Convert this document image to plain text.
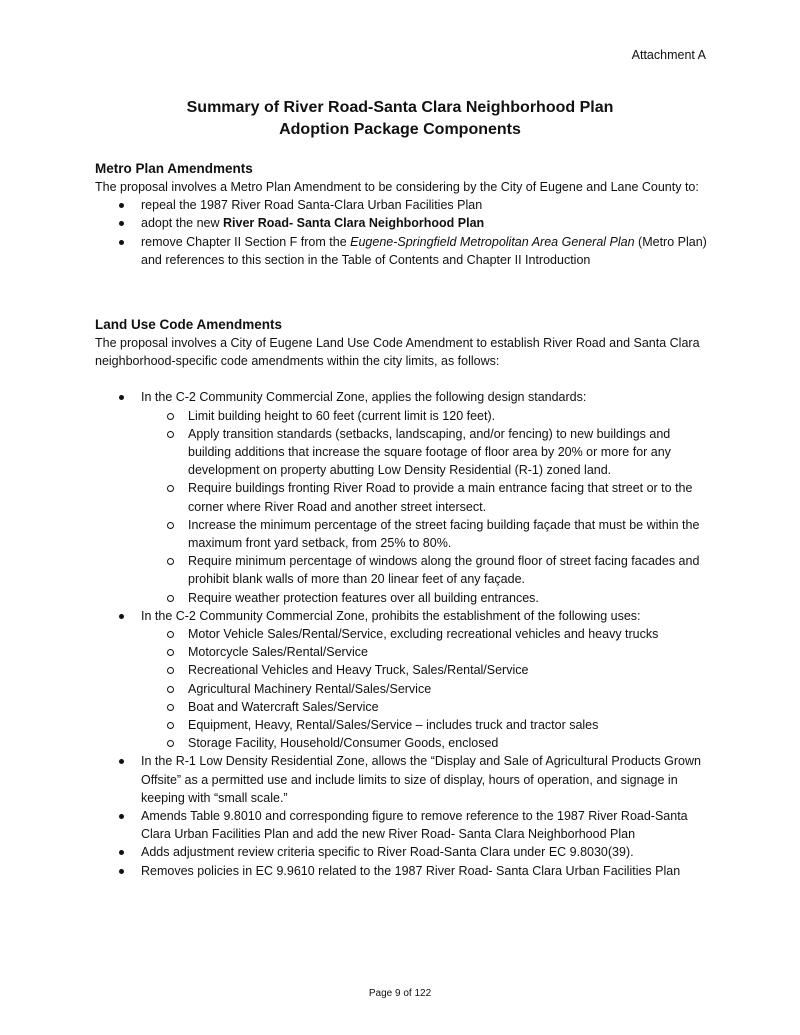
Attachment A
Summary of River Road-Santa Clara Neighborhood Plan
Adoption Package Components
Metro Plan Amendments

The proposal involves a Metro Plan Amendment to be considering by the City of Eugene and Lane County to:

repeal the 1987 River Road Santa-Clara Urban Facilities Plan
adopt the new River Road- Santa Clara Neighborhood Plan
remove Chapter II Section F from the Eugene-Springfield Metropolitan Area General Plan (Metro Plan) and references to this section in the Table of Contents and Chapter II Introduction
Land Use Code Amendments

The proposal involves a City of Eugene Land Use Code Amendment to establish River Road and Santa Clara neighborhood-specific code amendments within the city limits, as follows:

In the C-2 Community Commercial Zone, applies the following design standards:
Limit building height to 60 feet (current limit is 120 feet).
Apply transition standards (setbacks, landscaping, and/or fencing) to new buildings and building additions that increase the square footage of floor area by 20% or more for any development on property abutting Low Density Residential (R-1) zoned land.
Require buildings fronting River Road to provide a main entrance facing that street or to the corner where River Road and another street intersect.
Increase the minimum percentage of the street facing building façade that must be within the maximum front yard setback, from 25% to 80%.
Require minimum percentage of windows along the ground floor of street facing facades and prohibit blank walls of more than 20 linear feet of any façade.
Require weather protection features over all building entrances.
In the C-2 Community Commercial Zone, prohibits the establishment of the following uses:
Motor Vehicle Sales/Rental/Service, excluding recreational vehicles and heavy trucks
Motorcycle Sales/Rental/Service
Recreational Vehicles and Heavy Truck, Sales/Rental/Service
Agricultural Machinery Rental/Sales/Service
Boat and Watercraft Sales/Service
Equipment, Heavy, Rental/Sales/Service – includes truck and tractor sales
Storage Facility, Household/Consumer Goods, enclosed
In the R-1 Low Density Residential Zone, allows the “Display and Sale of Agricultural Products Grown Offsite” as a permitted use and include limits to size of display, hours of operation, and signage in keeping with “small scale.”
Amends Table 9.8010 and corresponding figure to remove reference to the 1987 River Road-Santa Clara Urban Facilities Plan and add the new River Road- Santa Clara Neighborhood Plan
Adds adjustment review criteria specific to River Road-Santa Clara under EC 9.8030(39).
Removes policies in EC 9.9610 related to the 1987 River Road- Santa Clara Urban Facilities Plan
Page 9 of 122
